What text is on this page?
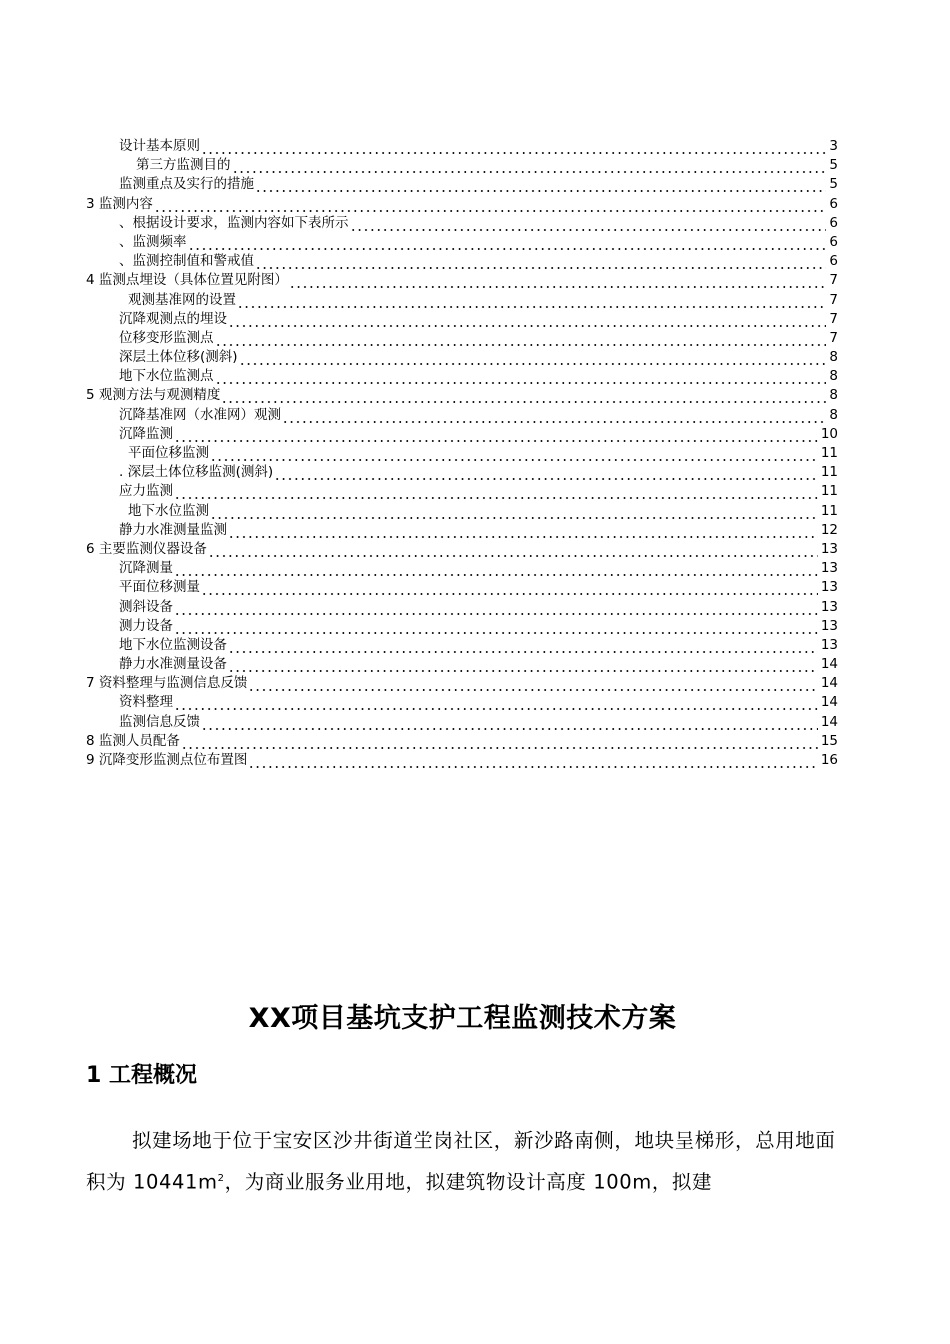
设计基本原则	3
第三方监测目的	5
监测重点及实行的措施	5
3 监测内容	6
、根据设计要求，监测内容如下表所示	6
、监测频率	6
、监测控制值和警戒值	6
4 监测点埋设（具体位置见附图）	7
观测基准网的设置	7
沉降观测点的埋设	7
位移变形监测点	7
深层土体位移(测斜)	8
地下水位监测点	8
5 观测方法与观测精度	8
沉降基准网（水准网）观测	8
沉降监测	10
平面位移监测	11
. 深层土体位移监测(测斜)	11
应力监测	11
地下水位监测	11
静力水准测量监测	12
6 主要监测仪器设备	13
沉降测量	13
平面位移测量	13
测斜设备	13
测力设备	13
地下水位监测设备	13
静力水准测量设备	14
7 资料整理与监测信息反馈	14
资料整理	14
监测信息反馈	14
8 监测人员配备	15
9 沉降变形监测点位布置图	16
XX项目基坑支护工程监测技术方案
1 工程概况

拟建场地于位于宝安区沙井街道坣岗社区，新沙路南侧，地块呈梯形，总用地面积为 $10441m^2$，为商业服务业用地，拟建筑物设计高度 100m，拟建
